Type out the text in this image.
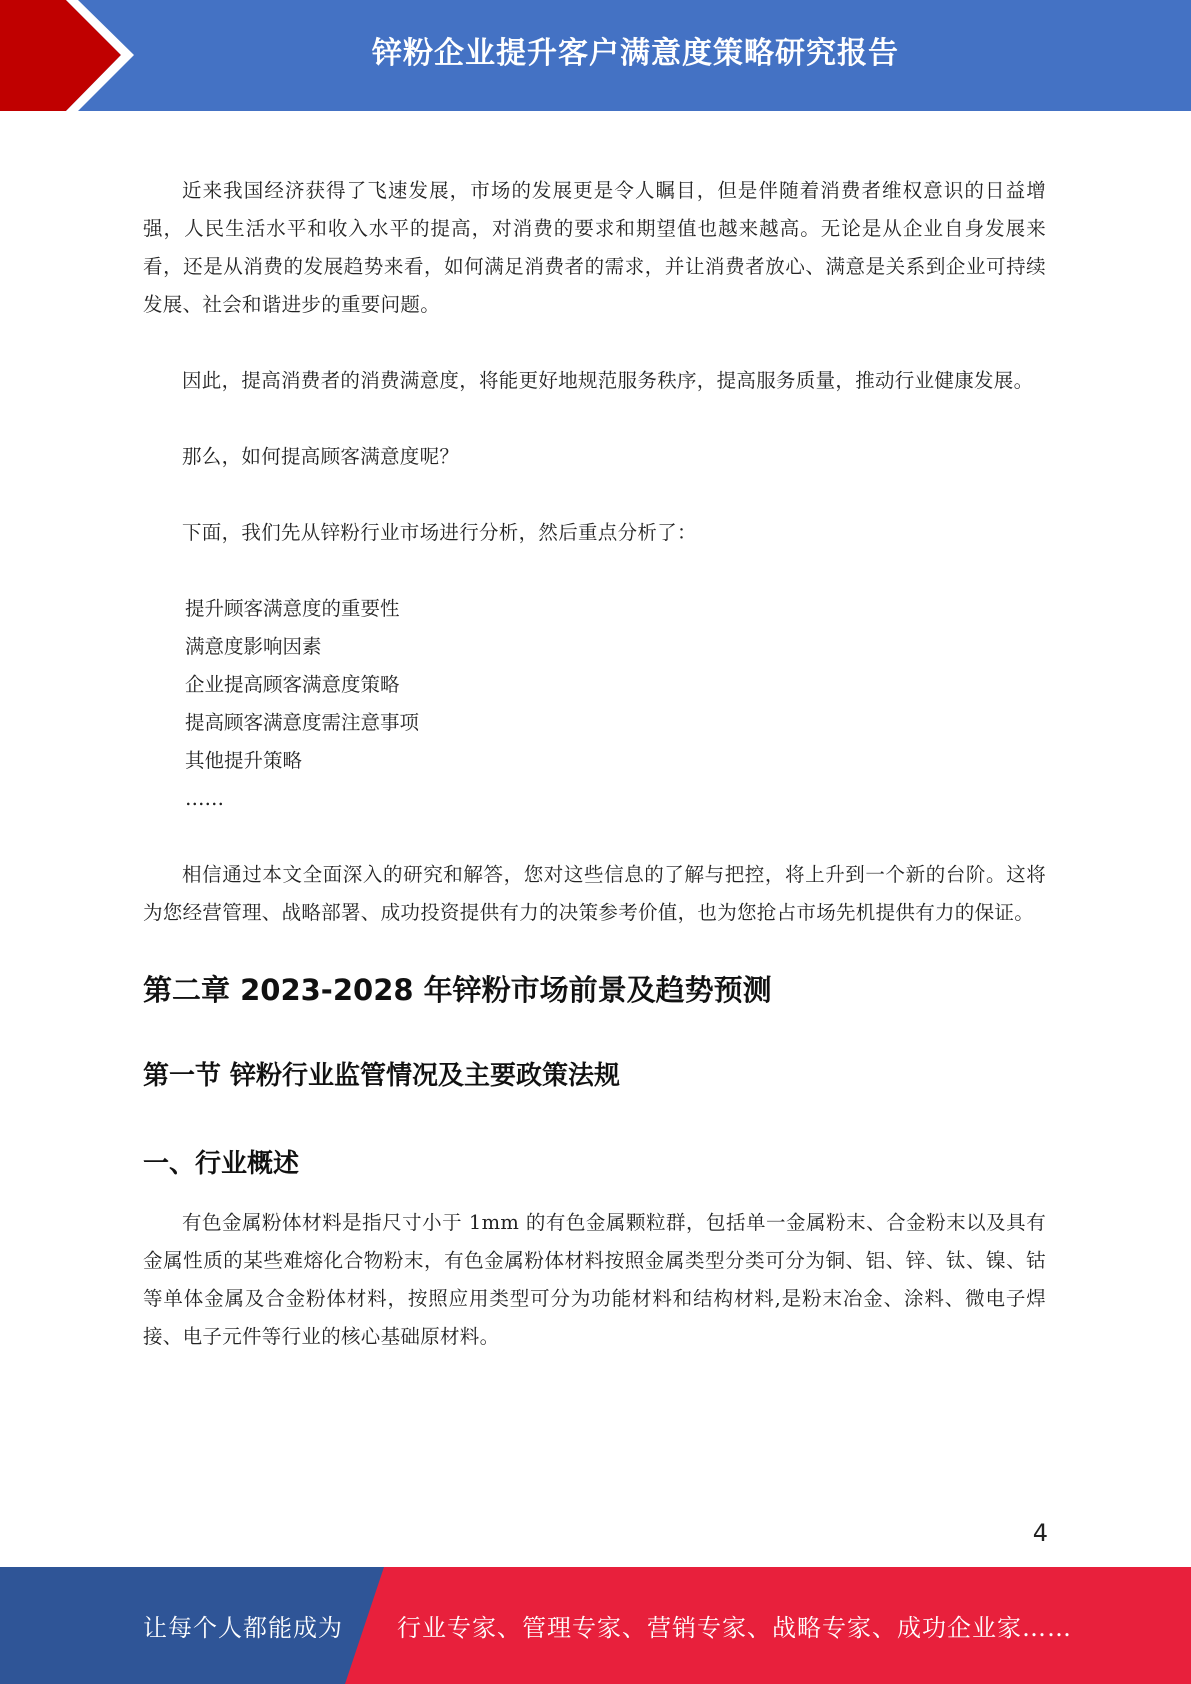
锌粉企业提升客户满意度策略研究报告

近来我国经济获得了飞速发展，市场的发展更是令人瞩目，但是伴随着消费者维权意识的日益增强，人民生活水平和收入水平的提高，对消费的要求和期望值也越来越高。无论是从企业自身发展来看，还是从消费的发展趋势来看，如何满足消费者的需求，并让消费者放心、满意是关系到企业可持续发展、社会和谐进步的重要问题。

因此，提高消费者的消费满意度，将能更好地规范服务秩序，提高服务质量，推动行业健康发展。

那么，如何提高顾客满意度呢？

下面，我们先从锌粉行业市场进行分析，然后重点分析了：

提升顾客满意度的重要性
满意度影响因素
企业提高顾客满意度策略
提高顾客满意度需注意事项
其他提升策略
……

相信通过本文全面深入的研究和解答，您对这些信息的了解与把控，将上升到一个新的台阶。这将为您经营管理、战略部署、成功投资提供有力的决策参考价值，也为您抢占市场先机提供有力的保证。

第二章 2023-2028 年锌粉市场前景及趋势预测
第一节 锌粉行业监管情况及主要政策法规
一、行业概述

有色金属粉体材料是指尺寸小于 1mm 的有色金属颗粒群，包括单一金属粉末、合金粉末以及具有金属性质的某些难熔化合物粉末，有色金属粉体材料按照金属类型分类可分为铜、铝、锌、钛、镍、钴等单体金属及合金粉体材料，按照应用类型可分为功能材料和结构材料,是粉末冶金、涂料、微电子焊接、电子元件等行业的核心基础原材料。

4
让每个人都能成为 行业专家、管理专家、营销专家、战略专家、成功企业家……
